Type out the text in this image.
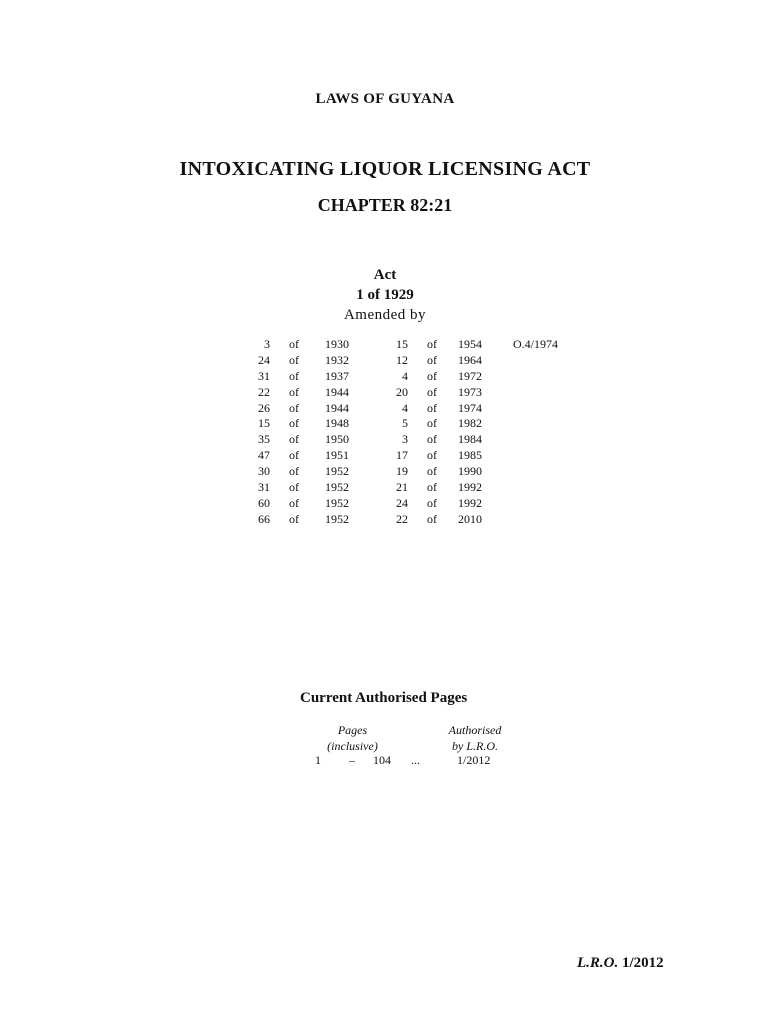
LAWS OF GUYANA
INTOXICATING LIQUOR LICENSING ACT
CHAPTER 82:21
Act
1 of 1929
Amended by
3 of 1930	15 of 1954	O.4/1974
24 of 1932	12 of 1964
31 of 1937	4 of 1972
22 of 1944	20 of 1973
26 of 1944	4 of 1974
15 of 1948	5 of 1982
35 of 1950	3 of 1984
47 of 1951	17 of 1985
30 of 1952	19 of 1990
31 of 1952	21 of 1992
60 of 1952	24 of 1992
66 of 1952	22 of 2010
Current Authorised Pages
Pages
(inclusive)
Authorised
by L.R.O.
1 – 104 ...	1/2012
L.R.O. 1/2012
